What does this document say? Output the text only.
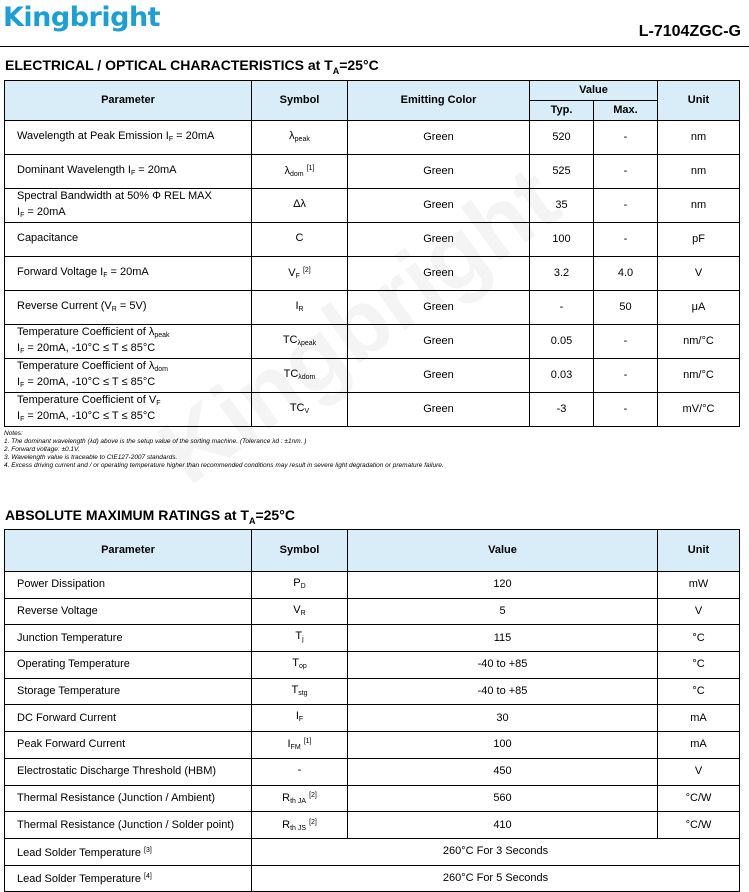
Kingbright	L-7104ZGC-G
ELECTRICAL / OPTICAL CHARACTERISTICS at $T_A=25^\circ C$
Parameter	Symbol	Emitting Color	Value		Unit
			Typ.	Max.	

Wavelength at Peak Emission $I_F = 20mA$	$\lambda_{peak}$	Green	520	-	nm

Dominant Wavelength $I_F = 20mA$	$\lambda_{dom}$ [1]	Green	525	-	nm

Spectral Bandwidth at 50% Φ REL MAX
$I_F = 20mA$	Δλ	Green	35	-	nm

Capacitance	C	Green	100	-	pF

Forward Voltage $I_F = 20mA$	$V_F$ [2]	Green	3.2	4.0	V

Reverse Current $(V_R = 5V)$	$I_R$	Green	-	50	μA

Temperature Coefficient of $\lambda_{peak}$
$I_F = 20mA$, -10°C ≤ T ≤ 85°C	$TC_{\lambda peak}$	Green	0.05	-	nm/°C

Temperature Coefficient of $\lambda_{dom}$
$I_F = 20mA$, -10°C ≤ T ≤ 85°C	$TC_{\lambda dom}$	Green	0.03	-	nm/°C

Temperature Coefficient of $V_F$
$I_F = 20mA$, -10°C ≤ T ≤ 85°C	$TC_V$	Green	-3	-	mV/°C
Notes:
1. The dominant wavelength (λd) above is the setup value of the sorting machine. (Tolerance λd : ±1nm. )
2. Forward voltage: ±0.1V.
3. Wavelength value is traceable to CIE127-2007 standards.
4. Excess driving current and / or operating temperature higher than recommended conditions may result in severe light degradation or premature failure.
ABSOLUTE MAXIMUM RATINGS at $T_A=25^\circ C$
Parameter	Symbol	Value	Unit
Power Dissipation	$P_D$	120	mW
Reverse Voltage	$V_R$	5	V
Junction Temperature	$T_j$	115	°C
Operating Temperature	$T_{op}$	-40 to +85	°C
Storage Temperature	$T_{stg}$	-40 to +85	°C
DC Forward Current	$I_F$	30	mA
Peak Forward Current	$I_{FM}$ [1]	100	mA
Electrostatic Discharge Threshold (HBM)	-	450	V
Thermal Resistance (Junction / Ambient)	$R_{th JA}$ [2]	560	°C/W
Thermal Resistance (Junction / Solder point)	$R_{th JS}$ [2]	410	°C/W
Lead Solder Temperature [3]	260°C For 3 Seconds		
Lead Solder Temperature [4]	260°C For 5 Seconds		
